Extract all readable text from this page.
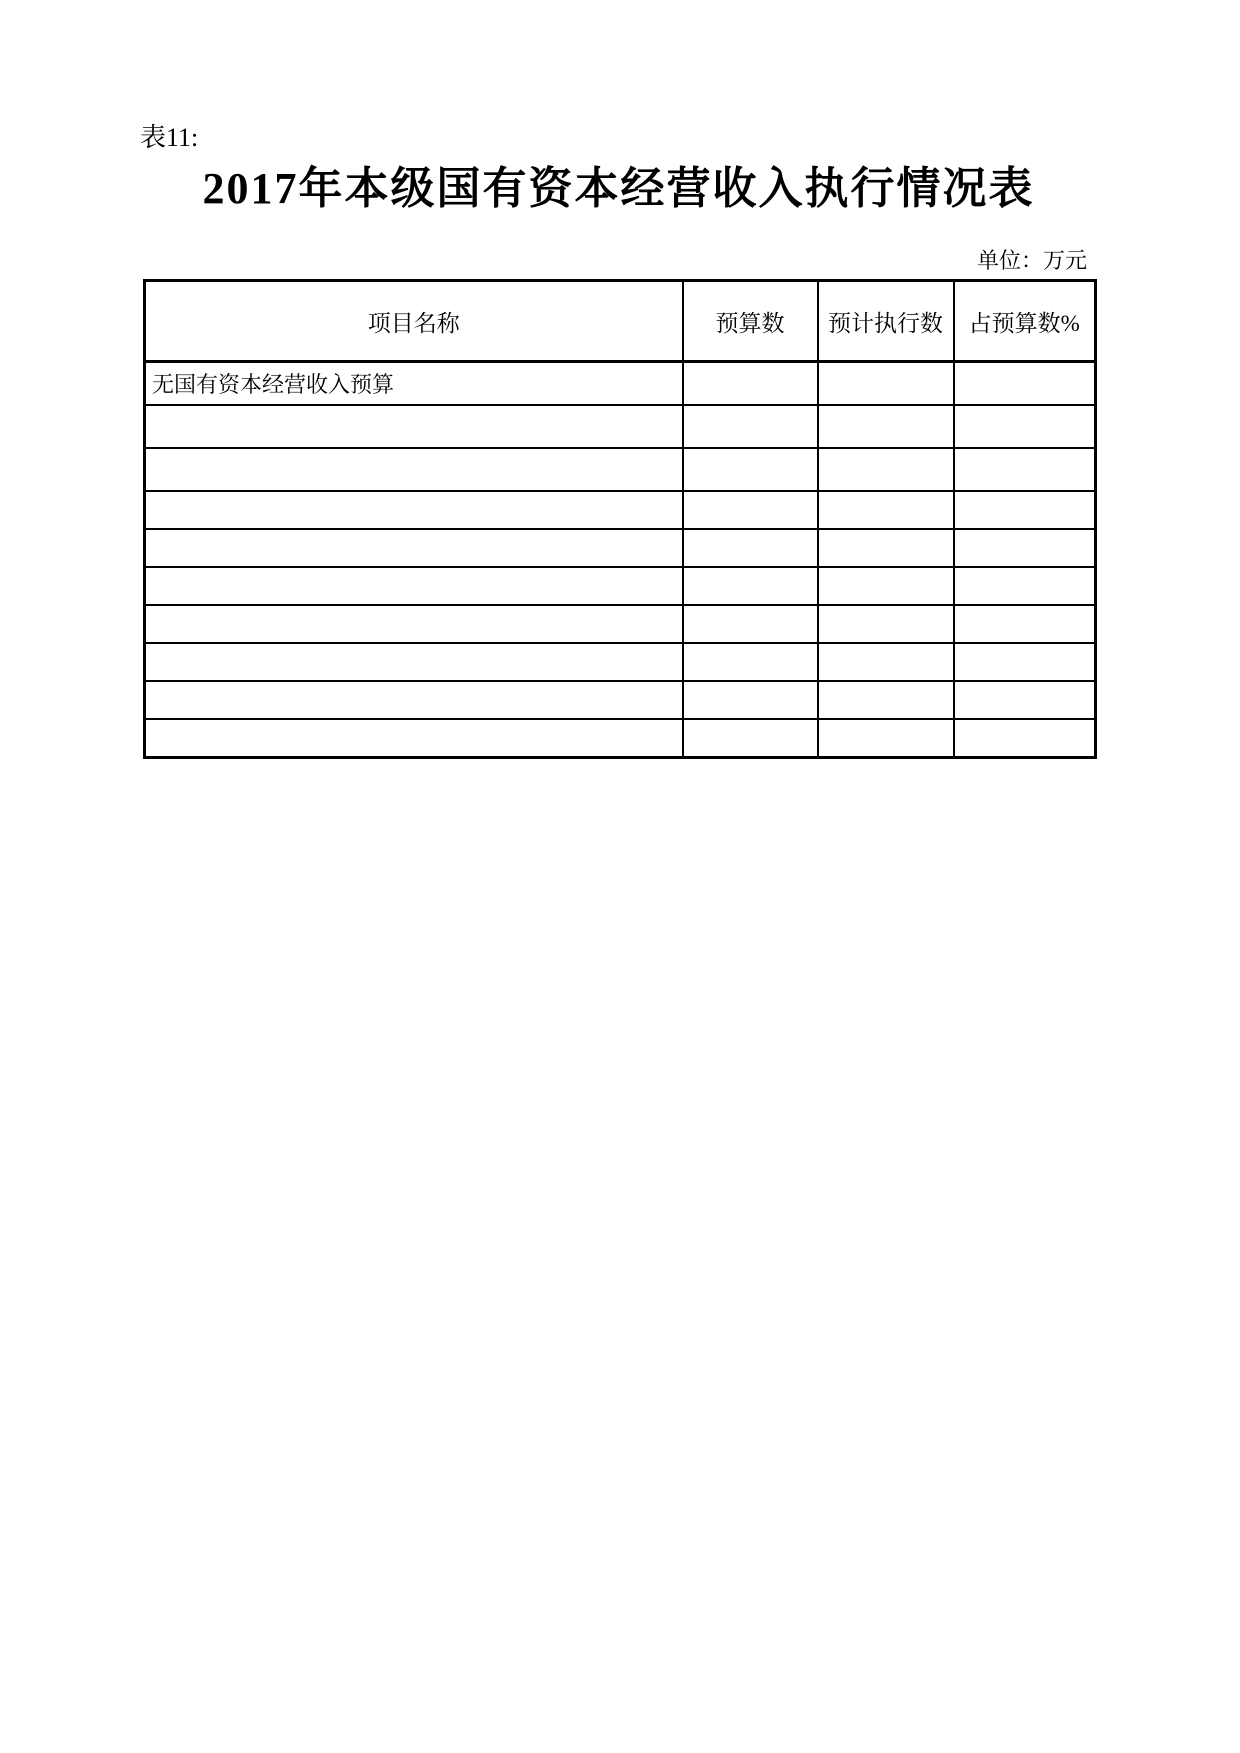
表11:
2017年本级国有资本经营收入执行情况表
单位：万元
项目名称	预算数	预计执行数	占预算数%
无国有资本经营收入预算			
